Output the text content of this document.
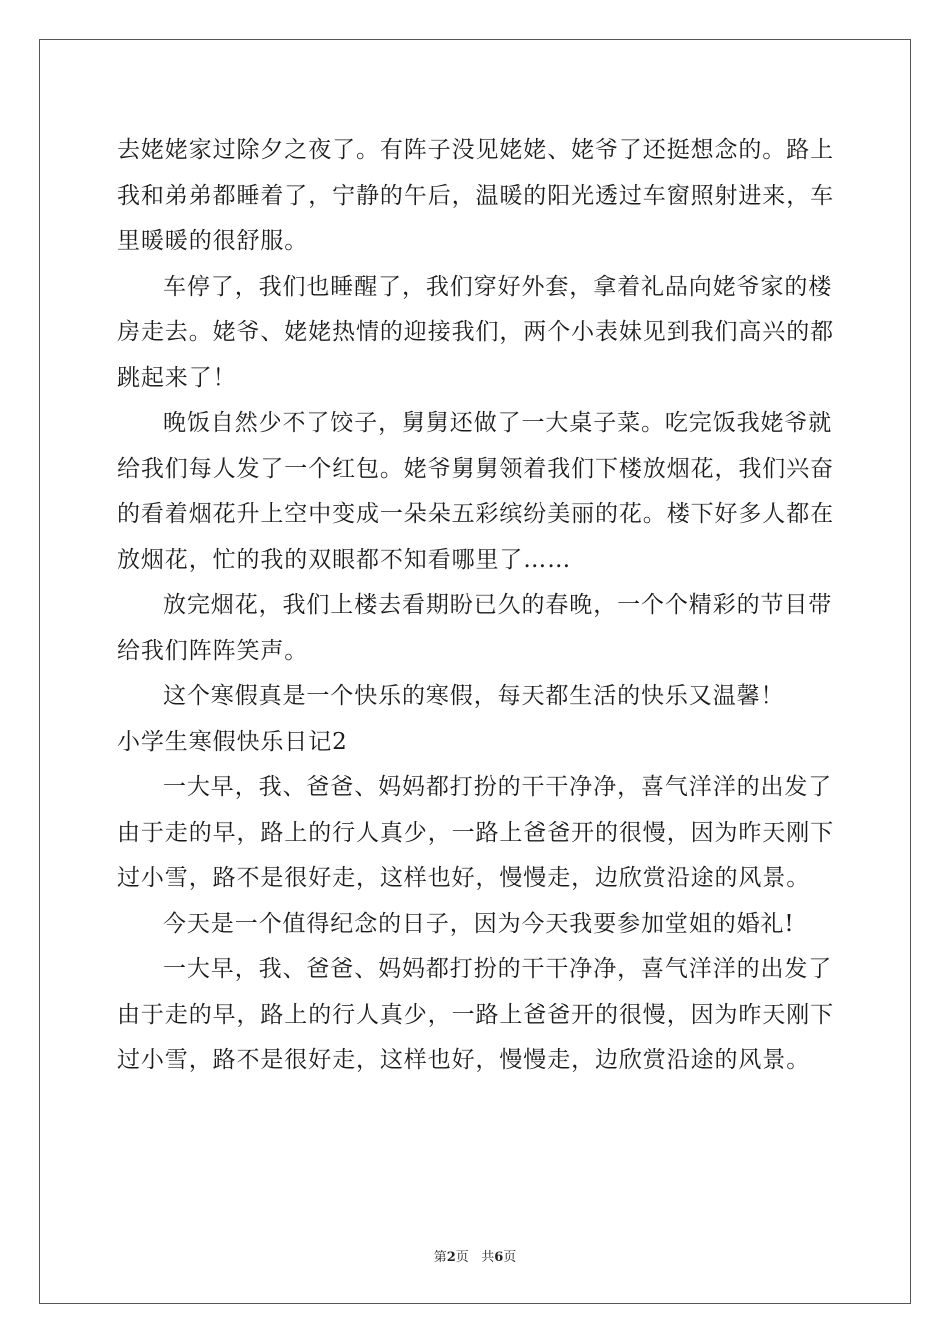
去姥姥家过除夕之夜了。有阵子没见姥姥、姥爷了还挺想念的。路上
我和弟弟都睡着了，宁静的午后，温暖的阳光透过车窗照射进来，车
里暖暖的很舒服。
车停了，我们也睡醒了，我们穿好外套，拿着礼品向姥爷家的楼
房走去。姥爷、姥姥热情的迎接我们，两个小表妹见到我们高兴的都
跳起来了！
晚饭自然少不了饺子，舅舅还做了一大桌子菜。吃完饭我姥爷就
给我们每人发了一个红包。姥爷舅舅领着我们下楼放烟花，我们兴奋
的看着烟花升上空中变成一朵朵五彩缤纷美丽的花。楼下好多人都在
放烟花，忙的我的双眼都不知看哪里了……
放完烟花，我们上楼去看期盼已久的春晚，一个个精彩的节目带
给我们阵阵笑声。
这个寒假真是一个快乐的寒假，每天都生活的快乐又温馨！
小学生寒假快乐日记2
一大早，我、爸爸、妈妈都打扮的干干净净，喜气洋洋的出发了
由于走的早，路上的行人真少，一路上爸爸开的很慢，因为昨天刚下
过小雪，路不是很好走，这样也好，慢慢走，边欣赏沿途的风景。
今天是一个值得纪念的日子，因为今天我要参加堂姐的婚礼!
一大早，我、爸爸、妈妈都打扮的干干净净，喜气洋洋的出发了
由于走的早，路上的行人真少，一路上爸爸开的很慢，因为昨天刚下
过小雪，路不是很好走，这样也好，慢慢走，边欣赏沿途的风景。
第2页 共6页
